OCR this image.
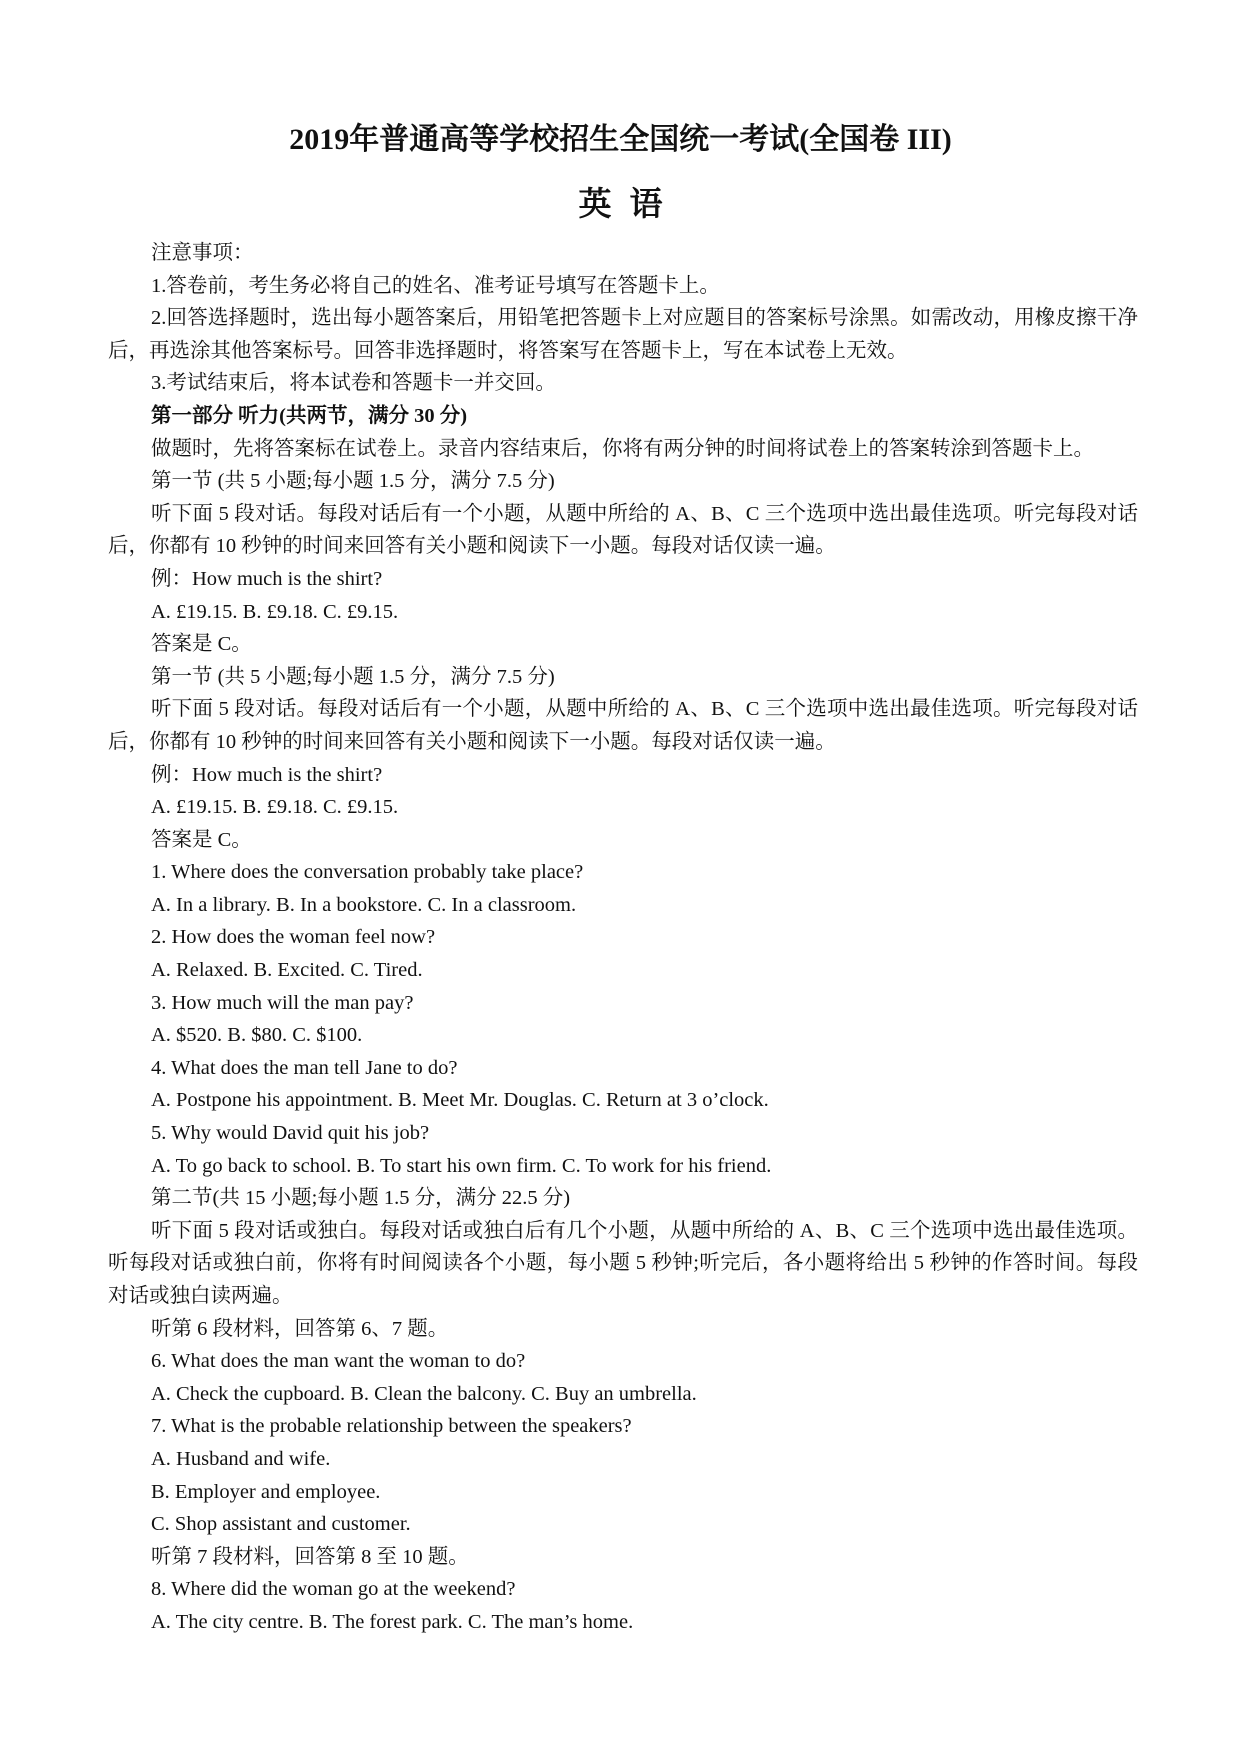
2019年普通高等学校招生全国统一考试(全国卷 III)
英语
注意事项：
1.答卷前，考生务必将自己的姓名、准考证号填写在答题卡上。
2.回答选择题时，选出每小题答案后，用铅笔把答题卡上对应题目的答案标号涂黑。如需改动，用橡皮擦干净后，再选涂其他答案标号。回答非选择题时，将答案写在答题卡上，写在本试卷上无效。
3.考试结束后，将本试卷和答题卡一并交回。
第一部分 听力(共两节，满分 30 分)
做题时，先将答案标在试卷上。录音内容结束后，你将有两分钟的时间将试卷上的答案转涂到答题卡上。
第一节 (共 5 小题;每小题 1.5 分，满分 7.5 分)
听下面 5 段对话。每段对话后有一个小题，从题中所给的 A、B、C 三个选项中选出最佳选项。听完每段对话后，你都有 10 秒钟的时间来回答有关小题和阅读下一小题。每段对话仅读一遍。
例：How much is the shirt?
A. £19.15. B. £9.18. C. £9.15.
答案是 C。
第一节 (共 5 小题;每小题 1.5 分，满分 7.5 分)
听下面 5 段对话。每段对话后有一个小题，从题中所给的 A、B、C 三个选项中选出最佳选项。听完每段对话后，你都有 10 秒钟的时间来回答有关小题和阅读下一小题。每段对话仅读一遍。
例：How much is the shirt?
A. £19.15. B. £9.18. C. £9.15.
答案是 C。
1. Where does the conversation probably take place?
A. In a library. B. In a bookstore. C. In a classroom.
2. How does the woman feel now?
A. Relaxed. B. Excited. C. Tired.
3. How much will the man pay?
A. $520. B. $80. C. $100.
4. What does the man tell Jane to do?
A. Postpone his appointment. B. Meet Mr. Douglas. C. Return at 3 o’clock.
5. Why would David quit his job?
A. To go back to school. B. To start his own firm. C. To work for his friend.
第二节(共 15 小题;每小题 1.5 分，满分 22.5 分)
听下面 5 段对话或独白。每段对话或独白后有几个小题，从题中所给的 A、B、C 三个选项中选出最佳选项。听每段对话或独白前，你将有时间阅读各个小题，每小题 5 秒钟;听完后，各小题将给出 5 秒钟的作答时间。每段对话或独白读两遍。
听第 6 段材料，回答第 6、7 题。
6. What does the man want the woman to do?
A. Check the cupboard. B. Clean the balcony. C. Buy an umbrella.
7. What is the probable relationship between the speakers?
A. Husband and wife.
B. Employer and employee.
C. Shop assistant and customer.
听第 7 段材料，回答第 8 至 10 题。
8. Where did the woman go at the weekend?
A. The city centre. B. The forest park. C. The man’s home.
